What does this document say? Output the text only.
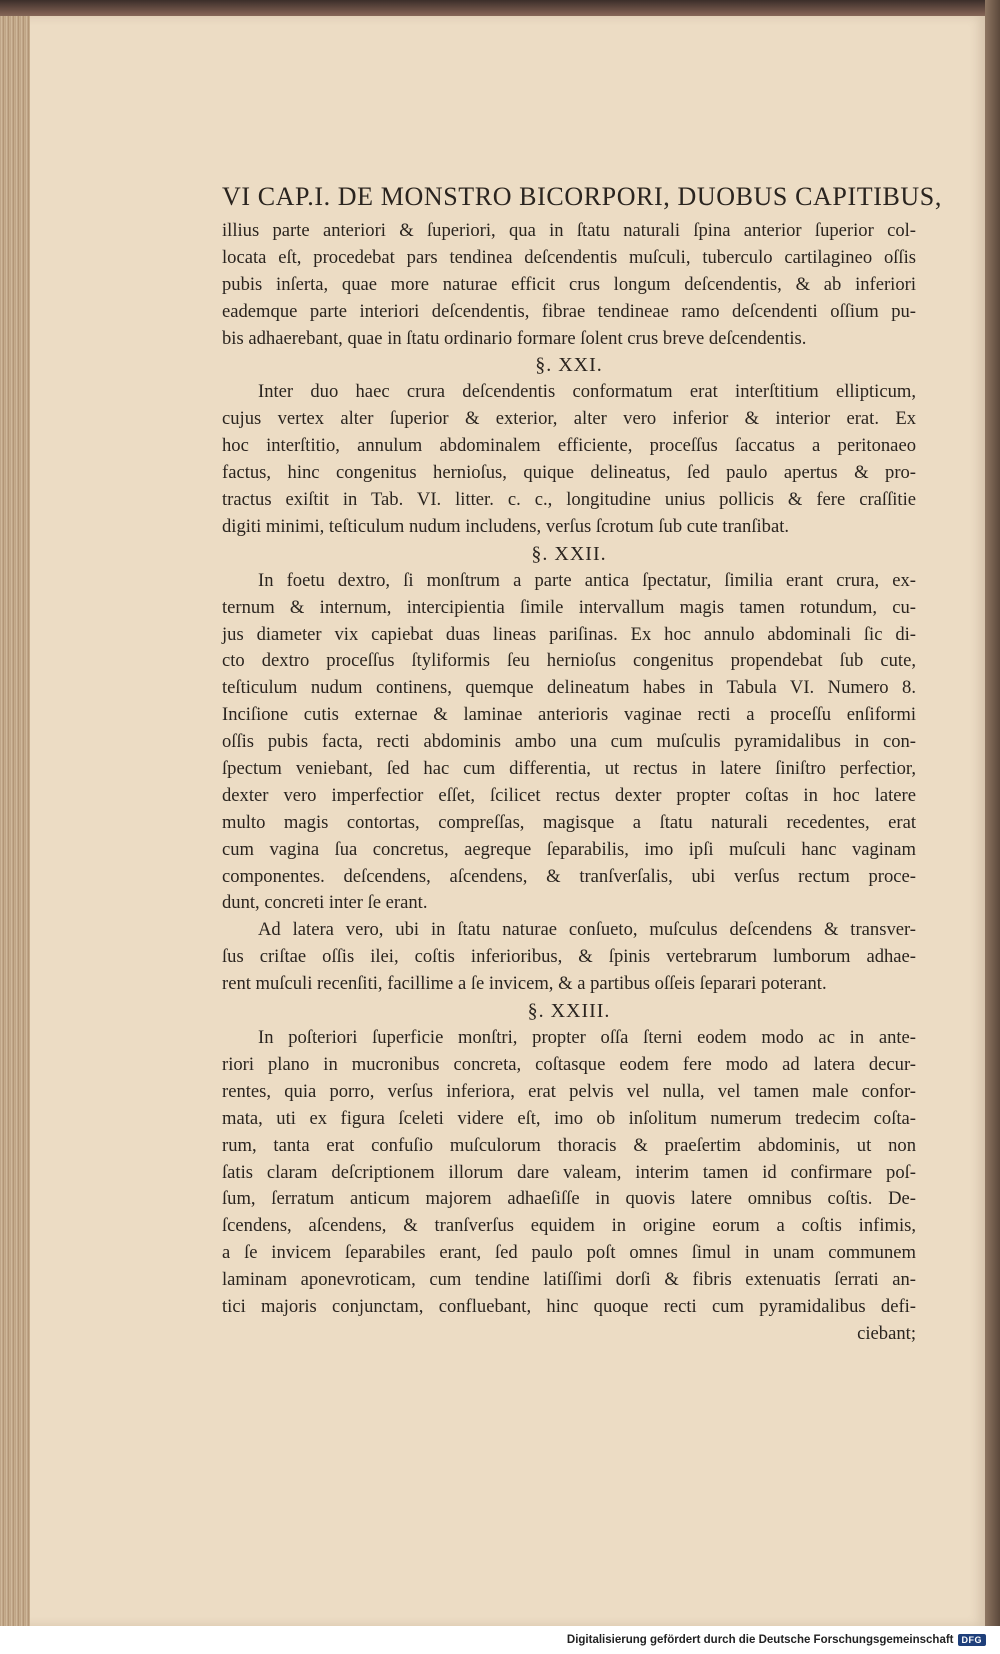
VI CAP.I. DE MONSTRO BICORPORI, DUOBUS CAPITIBUS,
illius parte anteriori & ſuperiori, qua in ſtatu naturali ſpina anterior ſuperior col-
locata eſt, procedebat pars tendinea deſcendentis muſculi, tuberculo cartilagineo oſſis
pubis inſerta, quae more naturae efficit crus longum deſcendentis, & ab inferiori
eademque parte interiori deſcendentis, fibrae tendineae ramo deſcendenti oſſium pu-
bis adhaerebant, quae in ſtatu ordinario formare ſolent crus breve deſcendentis.
§. XXI.
Inter duo haec crura deſcendentis conformatum erat interſtitium ellipticum,
cujus vertex alter ſuperior & exterior, alter vero inferior & interior erat. Ex
hoc interſtitio, annulum abdominalem efficiente, proceſſus ſaccatus a peritonaeo
factus, hinc congenitus hernioſus, quique delineatus, ſed paulo apertus & pro-
tractus exiſtit in Tab. VI. litter. c. c., longitudine unius pollicis & fere craſſitie
digiti minimi, teſticulum nudum includens, verſus ſcrotum ſub cute tranſibat.
§. XXII.
In foetu dextro, ſi monſtrum a parte antica ſpectatur, ſimilia erant crura, ex-
ternum & internum, intercipientia ſimile intervallum magis tamen rotundum, cu-
jus diameter vix capiebat duas lineas pariſinas. Ex hoc annulo abdominali ſic di-
cto dextro proceſſus ſtyliformis ſeu hernioſus congenitus propendebat ſub cute,
teſticulum nudum continens, quemque delineatum habes in Tabula VI. Numero 8.
Inciſione cutis externae & laminae anterioris vaginae recti a proceſſu enſiformi
oſſis pubis facta, recti abdominis ambo una cum muſculis pyramidalibus in con-
ſpectum veniebant, ſed hac cum differentia, ut rectus in latere ſiniſtro perfectior,
dexter vero imperfectior eſſet, ſcilicet rectus dexter propter coſtas in hoc latere
multo magis contortas, compreſſas, magisque a ſtatu naturali recedentes, erat
cum vagina ſua concretus, aegreque ſeparabilis, imo ipſi muſculi hanc vaginam
componentes. deſcendens, aſcendens, & tranſverſalis, ubi verſus rectum proce-
dunt, concreti inter ſe erant.
Ad latera vero, ubi in ſtatu naturae conſueto, muſculus deſcendens & transver-
ſus criſtae oſſis ilei, coſtis inferioribus, & ſpinis vertebrarum lumborum adhae-
rent muſculi recenſiti, facillime a ſe invicem, & a partibus oſſeis ſeparari poterant.
§. XXIII.
In poſteriori ſuperficie monſtri, propter oſſa ſterni eodem modo ac in ante-
riori plano in mucronibus concreta, coſtasque eodem fere modo ad latera decur-
rentes, quia porro, verſus inferiora, erat pelvis vel nulla, vel tamen male confor-
mata, uti ex figura ſceleti videre eſt, imo ob inſolitum numerum tredecim coſta-
rum, tanta erat confuſio muſculorum thoracis & praeſertim abdominis, ut non
ſatis claram deſcriptionem illorum dare valeam, interim tamen id confirmare poſ-
ſum, ſerratum anticum majorem adhaeſiſſe in quovis latere omnibus coſtis. De-
ſcendens, aſcendens, & tranſverſus equidem in origine eorum a coſtis infimis,
a ſe invicem ſeparabiles erant, ſed paulo poſt omnes ſimul in unam communem
laminam aponevroticam, cum tendine latiſſimi dorſi & fibris extenuatis ſerrati an-
tici majoris conjunctam, confluebant, hinc quoque recti cum pyramidalibus defi-
ciebant;
Digitalisierung gefördert durch die Deutsche Forschungsgemeinschaft DFG
